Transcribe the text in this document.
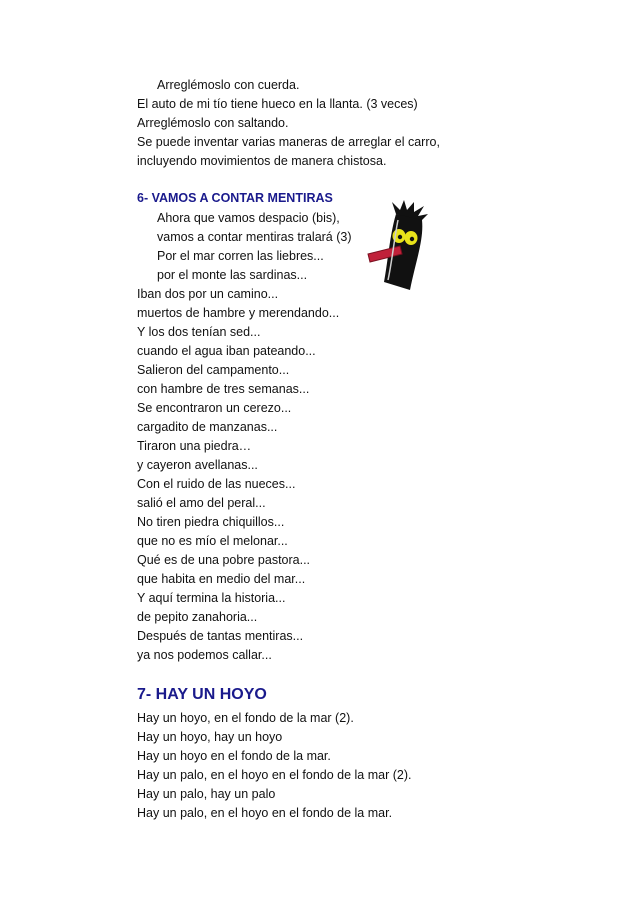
Arreglémoslo con cuerda.
El auto de mi tío tiene hueco en la llanta. (3 veces)
Arreglémoslo con saltando.
Se puede inventar varias maneras de arreglar el carro,
incluyendo movimientos de manera chistosa.
6- VAMOS A CONTAR MENTIRAS
Ahora que vamos despacio (bis),
vamos a contar mentiras tralará (3)
Por el mar corren las liebres...
por el monte las sardinas...
Iban dos por un camino...
muertos de hambre y merendando...
Y los dos tenían sed...
cuando el agua iban pateando...
Salieron del campamento...
con hambre de tres semanas...
Se encontraron un cerezo...
cargadito de manzanas...
Tiraron una piedra…
y cayeron avellanas...
Con el ruido de las nueces...
salió el amo del peral...
No tiren piedra chiquillos...
que no es mío el melonar...
Qué es de una pobre pastora...
que habita en medio del mar...
Y aquí termina la historia...
de pepito zanahoria...
Después de tantas mentiras...
ya nos podemos callar...
7- HAY UN HOYO
Hay un hoyo, en el fondo de la mar (2).
Hay un hoyo, hay un hoyo
Hay un hoyo en el fondo de la mar.
Hay un palo, en el hoyo en el fondo de la mar (2).
Hay un palo, hay un palo
Hay un palo, en el hoyo en el fondo de la mar.
